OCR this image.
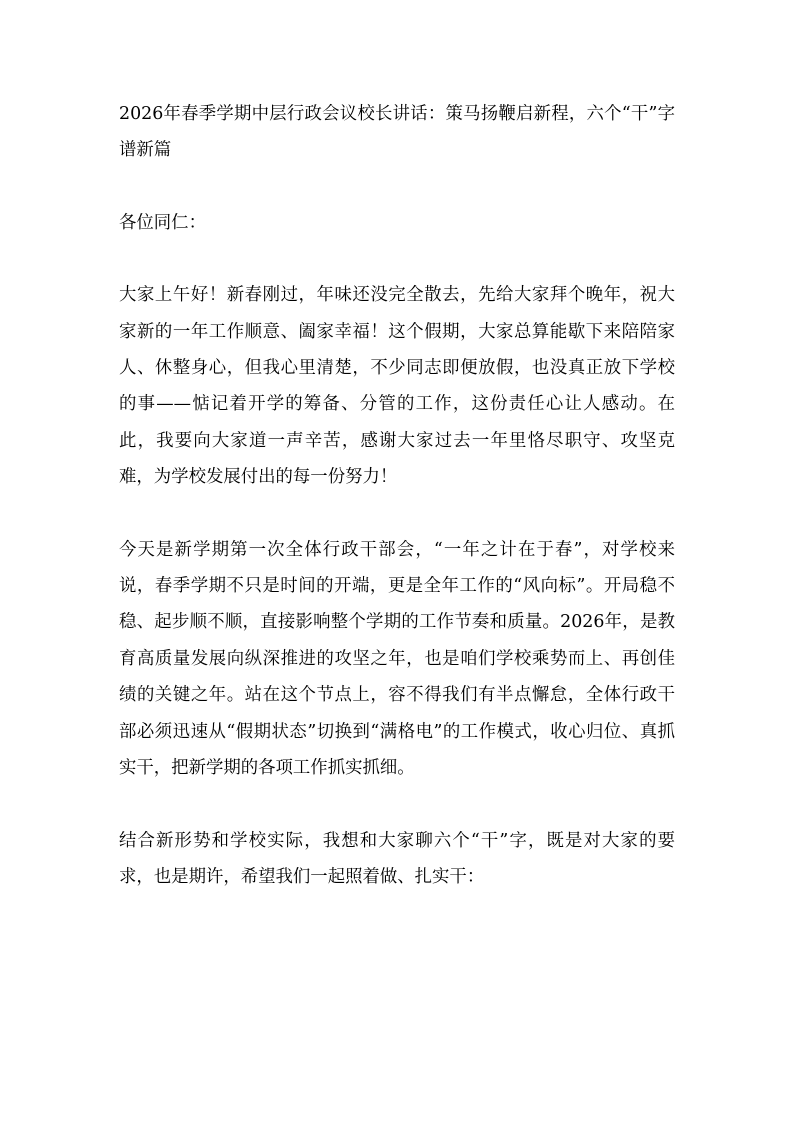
2026年春季学期中层行政会议校长讲话：策马扬鞭启新程，六个“干”字谱新篇

各位同仁：

大家上午好！新春刚过，年味还没完全散去，先给大家拜个晚年，祝大家新的一年工作顺意、阖家幸福！这个假期，大家总算能歇下来陪陪家人、休整身心，但我心里清楚，不少同志即便放假，也没真正放下学校的事——惦记着开学的筹备、分管的工作，这份责任心让人感动。在此，我要向大家道一声辛苦，感谢大家过去一年里恪尽职守、攻坚克难，为学校发展付出的每一份努力！

今天是新学期第一次全体行政干部会，“一年之计在于春”，对学校来说，春季学期不只是时间的开端，更是全年工作的“风向标”。开局稳不稳、起步顺不顺，直接影响整个学期的工作节奏和质量。2026年，是教育高质量发展向纵深推进的攻坚之年，也是咱们学校乘势而上、再创佳绩的关键之年。站在这个节点上，容不得我们有半点懈怠，全体行政干部必须迅速从“假期状态”切换到“满格电”的工作模式，收心归位、真抓实干，把新学期的各项工作抓实抓细。

结合新形势和学校实际，我想和大家聊六个“干”字，既是对大家的要求，也是期许，希望我们一起照着做、扎实干：
